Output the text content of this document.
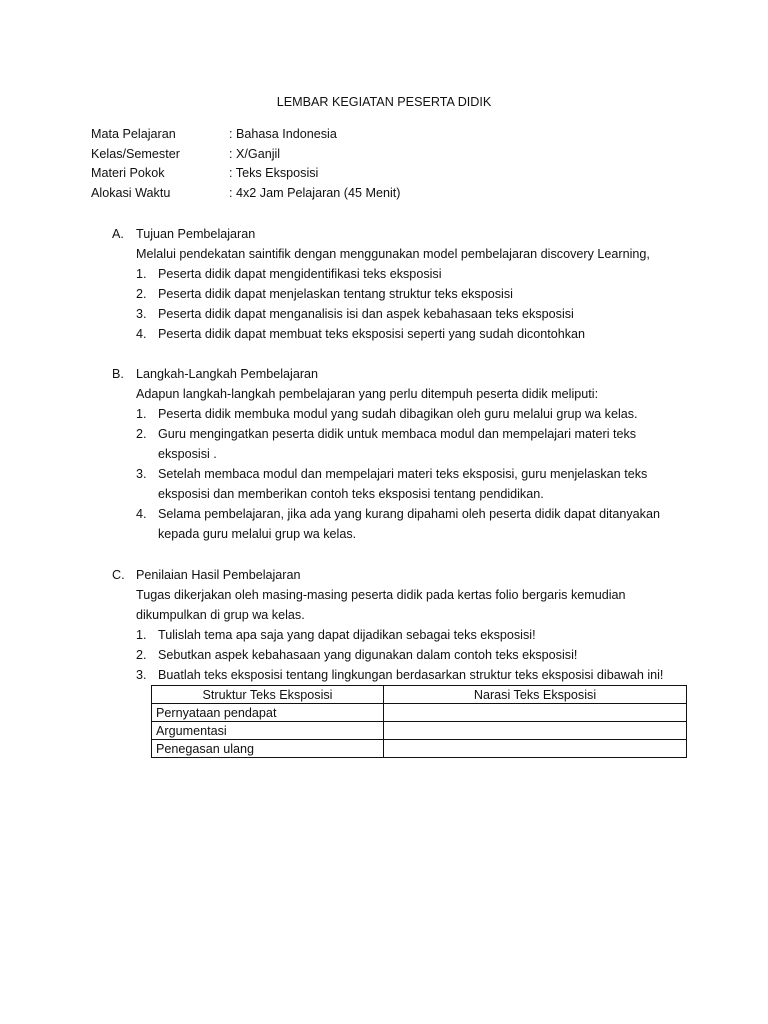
LEMBAR KEGIATAN PESERTA DIDIK
Mata Pelajaran	: Bahasa Indonesia
Kelas/Semester	: X/Ganjil
Materi Pokok	: Teks Eksposisi
Alokasi Waktu	: 4x2 Jam Pelajaran (45 Menit)
A. Tujuan Pembelajaran
Melalui pendekatan saintifik dengan menggunakan model pembelajaran discovery Learning,
1. Peserta didik dapat mengidentifikasi teks eksposisi
2. Peserta didik dapat menjelaskan tentang struktur teks eksposisi
3. Peserta didik dapat menganalisis isi dan aspek kebahasaan teks eksposisi
4. Peserta didik dapat membuat teks eksposisi seperti yang sudah dicontohkan
B. Langkah-Langkah Pembelajaran
Adapun langkah-langkah pembelajaran yang perlu ditempuh peserta didik meliputi:
1. Peserta didik membuka modul yang sudah dibagikan oleh guru melalui grup wa kelas.
2. Guru mengingatkan peserta didik untuk membaca modul dan mempelajari materi teks
eksposisi .
3. Setelah membaca modul dan mempelajari materi teks eksposisi, guru menjelaskan teks
eksposisi dan memberikan contoh teks eksposisi tentang pendidikan.
4. Selama pembelajaran, jika ada yang kurang dipahami oleh peserta didik dapat ditanyakan
kepada guru melalui grup wa kelas.
C. Penilaian Hasil Pembelajaran
Tugas dikerjakan oleh masing-masing peserta didik pada kertas folio bergaris kemudian
dikumpulkan di grup wa kelas.
1. Tulislah tema apa saja yang dapat dijadikan sebagai teks eksposisi!
2. Sebutkan aspek kebahasaan yang digunakan dalam contoh teks eksposisi!
3. Buatlah teks eksposisi tentang lingkungan berdasarkan struktur teks eksposisi dibawah ini!
Struktur Teks Eksposisi	Narasi Teks Eksposisi
Pernyataan pendapat	
Argumentasi	
Penegasan ulang	
